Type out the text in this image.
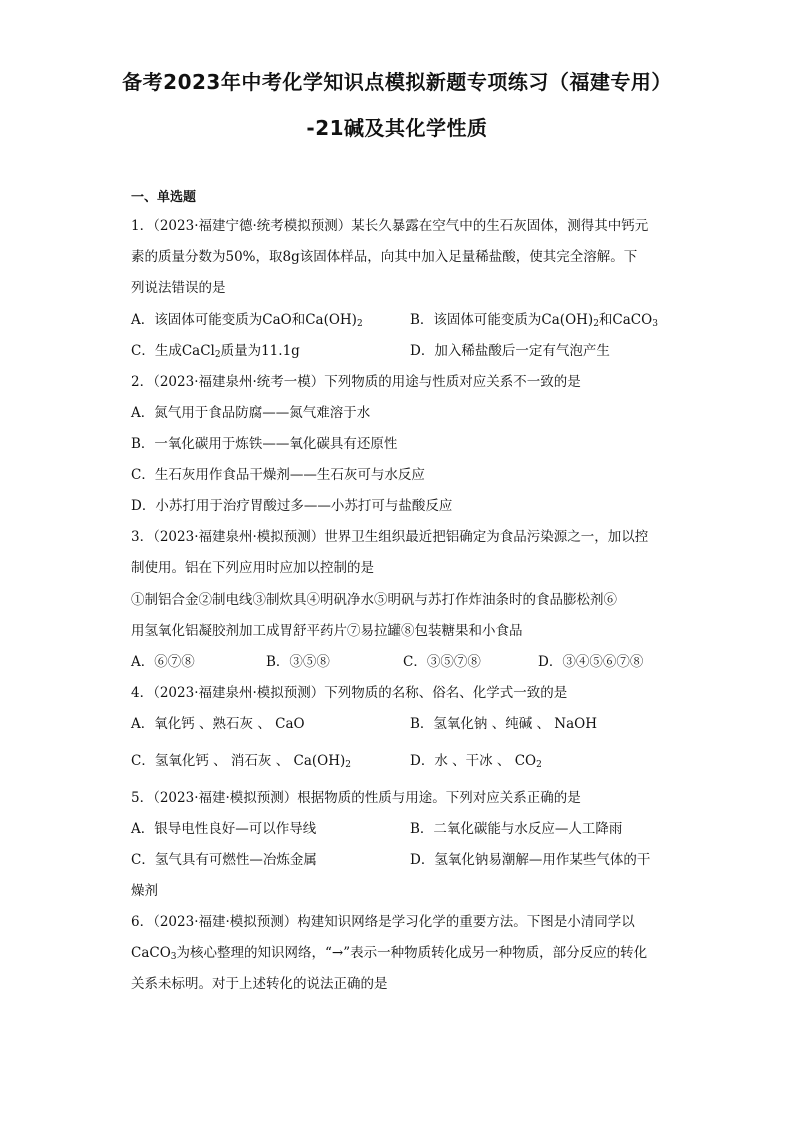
备考2023年中考化学知识点模拟新题专项练习（福建专用）
-21碱及其化学性质
一、单选题
1．（2023·福建宁德·统考模拟预测）某长久暴露在空气中的生石灰固体，测得其中钙元
素的质量分数为50%，取8g该固体样品，向其中加入足量稀盐酸，使其完全溶解。下
列说法错误的是
A．该固体可能变质为CaO和$Ca(OH)_2$	B．该固体可能变质为$Ca(OH)_2$和CaCO$_3$
C．生成CaCl$_2$质量为11.1g	D．加入稀盐酸后一定有气泡产生
2．（2023·福建泉州·统考一模）下列物质的用途与性质对应关系不一致的是
A．氮气用于食品防腐——氮气难溶于水
B．一氧化碳用于炼铁——氧化碳具有还原性
C．生石灰用作食品干燥剂——生石灰可与水反应
D．小苏打用于治疗胃酸过多——小苏打可与盐酸反应
3．（2023·福建泉州·模拟预测）世界卫生组织最近把铝确定为食品污染源之一，加以控
制使用。铝在下列应用时应加以控制的是
①制铝合金②制电线③制炊具④明矾净水⑤明矾与苏打作炸油条时的食品膨松剂⑥
用氢氧化铝凝胶剂加工成胃舒平药片⑦易拉罐⑧包装糖果和小食品
A．⑥⑦⑧	B．③⑤⑧	C．③⑤⑦⑧	D．③④⑤⑥⑦⑧
4．（2023·福建泉州·模拟预测）下列物质的名称、俗名、化学式一致的是
A．氧化钙 、熟石灰 、 CaO	B．氢氧化钠 、纯碱 、 NaOH
C．氢氧化钙 、 消石灰 、 $Ca(OH)_2$	D．水 、干冰 、 $CO_2$
5．（2023·福建·模拟预测）根据物质的性质与用途。下列对应关系正确的是
A．银导电性良好—可以作导线	B．二氧化碳能与水反应—人工降雨
C．氢气具有可燃性—冶炼金属	D．氢氧化钠易潮解—用作某些气体的干
燥剂
6．（2023·福建·模拟预测）构建知识网络是学习化学的重要方法。下图是小清同学以
CaCO$_3$为核心整理的知识网络，“→”表示一种物质转化成另一种物质，部分反应的转化
关系未标明。对于上述转化的说法正确的是
